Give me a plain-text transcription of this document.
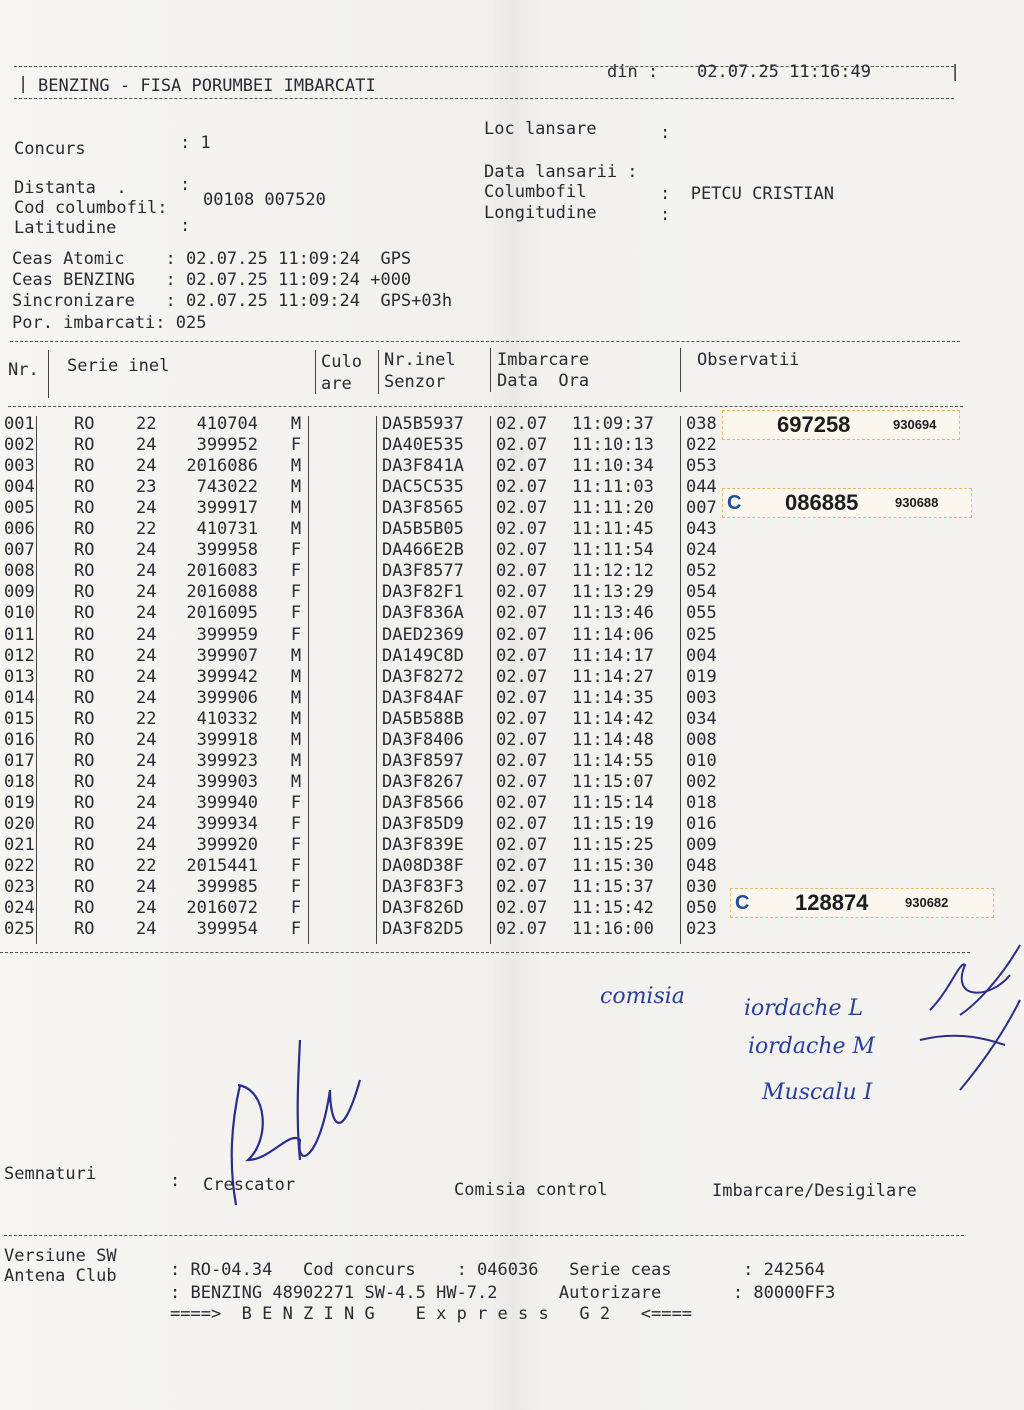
| BENZING - FISA PORUMBEI IMBARCATI
din : 02.07.25 11:16:49	|
Concurs	: 1
Loc lansare	:
Data lansarii :
Columbofil	:  PETCU CRISTIAN
Longitudine	:
Distanta  .	:
Cod columbofil: 00108 007520
Latitudine	:
Ceas Atomic    : 02.07.25 11:09:24  GPS
Ceas BENZING   : 02.07.25 11:09:24 +000
Sincronizare   : 02.07.25 11:09:24  GPS+03h
Por. imbarcati: 025
Nr. Serie inel	Culo
are
Nr.inel
Senzor
Imbarcare
Data  Ora
Observatii
001 RO	22	410704 M	DA5B5937	02.07	11:09:37	038
002 RO	24	399952 F	DA40E535	02.07	11:10:13	022
003 RO	24	2016086 M	DA3F841A	02.07	11:10:34	053
004 RO	23	743022 M	DAC5C535	02.07	11:11:03	044
005 RO	24	399917 M	DA3F8565	02.07	11:11:20	007
006 RO	22	410731 M	DA5B5B05	02.07	11:11:45	043
007 RO	24	399958 F	DA466E2B	02.07	11:11:54	024
008 RO	24	2016083 F	DA3F8577	02.07	11:12:12	052
009 RO	24	2016088 F	DA3F82F1	02.07	11:13:29	054
010 RO	24	2016095 F	DA3F836A	02.07	11:13:46	055
011 RO	24	399959 F	DAED2369	02.07	11:14:06	025
012 RO	24	399907 M	DA149C8D	02.07	11:14:17	004
013 RO	24	399942 M	DA3F8272	02.07	11:14:27	019
014 RO	24	399906 M	DA3F84AF	02.07	11:14:35	003
015 RO	22	410332 M	DA5B588B	02.07	11:14:42	034
016 RO	24	399918 M	DA3F8406	02.07	11:14:48	008
017 RO	24	399923 M	DA3F8597	02.07	11:14:55	010
018 RO	24	399903 M	DA3F8267	02.07	11:15:07	002
019 RO	24	399940 F	DA3F8566	02.07	11:15:14	018
020 RO	24	399934 F	DA3F85D9	02.07	11:15:19	016
021 RO	24	399920 F	DA3F839E	02.07	11:15:25	009
022 RO	22	2015441 F	DA08D38F	02.07	11:15:30	048
023 RO	24	399985 F	DA3F83F3	02.07	11:15:37	030
024 RO	24	2016072 F	DA3F826D	02.07	11:15:42	050
025 RO	24	399954 F	DA3F82D5	02.07	11:16:00	023
697258	930694
C 086885	930688
C 128874	930682
comisia	iordache L
iordache M
Muscalu I
Semnaturi	: Crescator	Comisia control	Imbarcare/Desigilare
Versiune SW
Antena Club	: RO-04.34   Cod concurs    : 046036   Serie ceas       : 242564
: BENZING 48902271 SW-4.5 HW-7.2      Autorizare       : 80000FF3
====>  B E N Z I N G    E x p r e s s   G 2   <====
